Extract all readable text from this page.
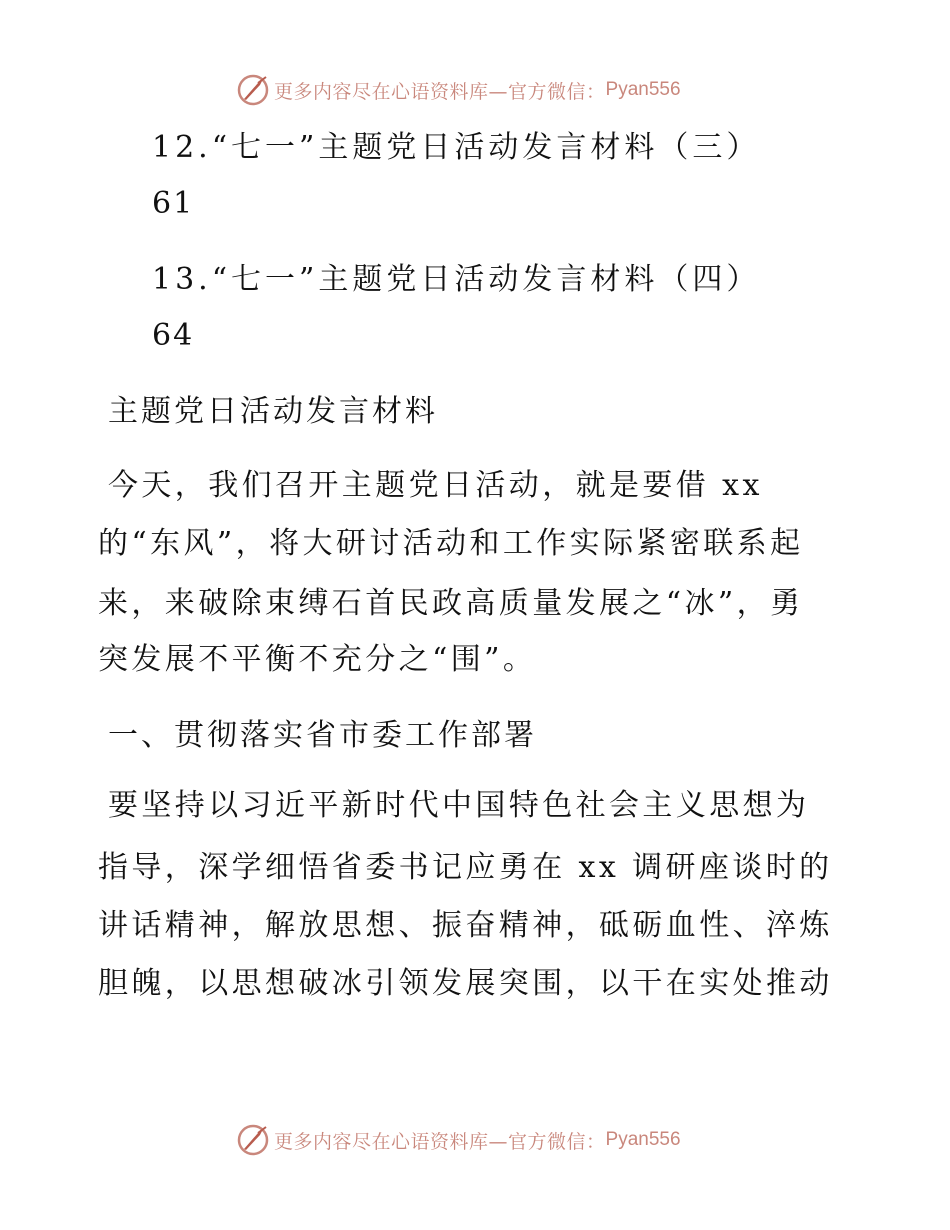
更多内容尽在心语资料库—官方微信： Pyan556
12.“七一”主题党日活动发言材料（三）
61
13.“七一”主题党日活动发言材料（四）
64
主题党日活动发言材料
今天，我们召开主题党日活动，就是要借 xx
的“东风”，将大研讨活动和工作实际紧密联系起
来，来破除束缚石首民政高质量发展之“冰”，勇
突发展不平衡不充分之“围”。
一、贯彻落实省市委工作部署
要坚持以习近平新时代中国特色社会主义思想为
指导，深学细悟省委书记应勇在 xx 调研座谈时的
讲话精神，解放思想、振奋精神，砥砺血性、淬炼
胆魄，以思想破冰引领发展突围，以干在实处推动
更多内容尽在心语资料库—官方微信： Pyan556
